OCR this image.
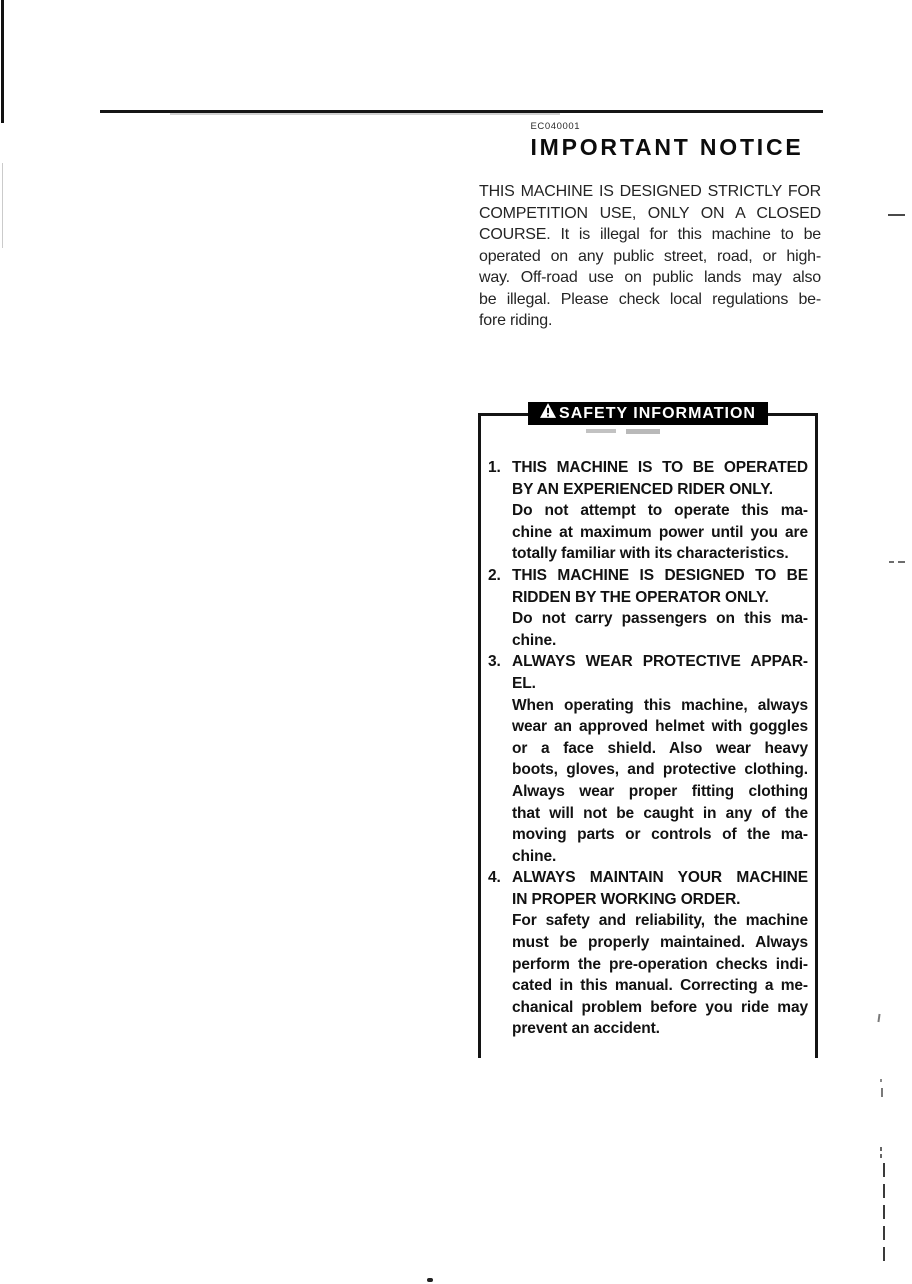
EC040001
IMPORTANT NOTICE
THIS MACHINE IS DESIGNED STRICTLY FOR
COMPETITION USE, ONLY ON A CLOSED
COURSE. It is illegal for this machine to be
operated on any public street, road, or high-
way. Off-road use on public lands may also
be illegal. Please check local regulations be-
fore riding.
SAFETY INFORMATION
1. THIS MACHINE IS TO BE OPERATED
BY AN EXPERIENCED RIDER ONLY.
Do not attempt to operate this ma-
chine at maximum power until you are
totally familiar with its characteristics.
2. THIS MACHINE IS DESIGNED TO BE
RIDDEN BY THE OPERATOR ONLY.
Do not carry passengers on this ma-
chine.
3. ALWAYS WEAR PROTECTIVE APPAR-
EL.
When operating this machine, always
wear an approved helmet with goggles
or a face shield. Also wear heavy
boots, gloves, and protective clothing.
Always wear proper fitting clothing
that will not be caught in any of the
moving parts or controls of the ma-
chine.
4. ALWAYS MAINTAIN YOUR MACHINE
IN PROPER WORKING ORDER.
For safety and reliability, the machine
must be properly maintained. Always
perform the pre-operation checks indi-
cated in this manual. Correcting a me-
chanical problem before you ride may
prevent an accident.
